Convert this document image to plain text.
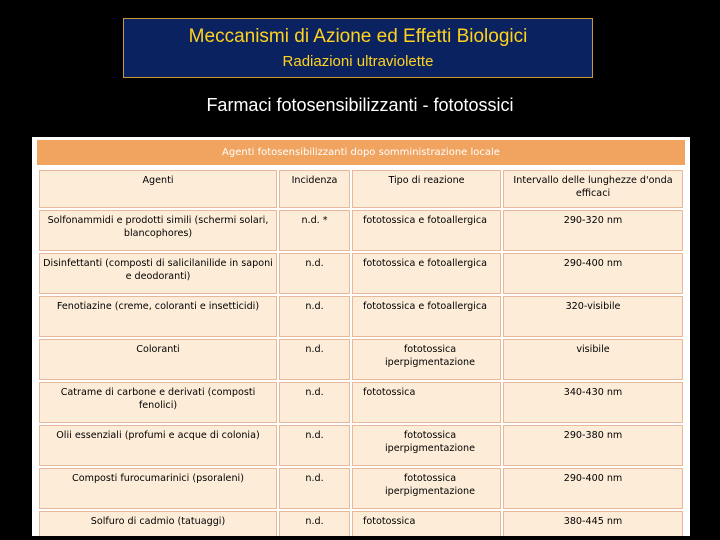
Meccanismi di Azione ed Effetti Biologici
Radiazioni ultraviolette
Farmaci fotosensibilizzanti - fototossici
Agenti fotosensibilizzanti dopo somministrazione locale
Agenti	Incidenza	Tipo di reazione	Intervallo delle lunghezze d'onda efficaci
Solfonammidi e prodotti simili (schermi solari, blancophores)	n.d. *	fototossica e fotoallergica	290-320 nm
Disinfettanti (composti di salicilanilide in saponi e deodoranti)	n.d.	fototossica e fotoallergica	290-400 nm
Fenotiazine (creme, coloranti e insetticidi)	n.d.	fototossica e fotoallergica	320-visibile
Coloranti	n.d.	fototossica iperpigmentazione	visibile
Catrame di carbone e derivati (composti fenolici)	n.d.	fototossica	340-430 nm
Olii essenziali (profumi e acque di colonia)	n.d.	fototossica iperpigmentazione	290-380 nm
Composti furocumarinici (psoraleni)	n.d.	fototossica iperpigmentazione	290-400 nm
Solfuro di cadmio (tatuaggi)	n.d.	fototossica	380-445 nm
